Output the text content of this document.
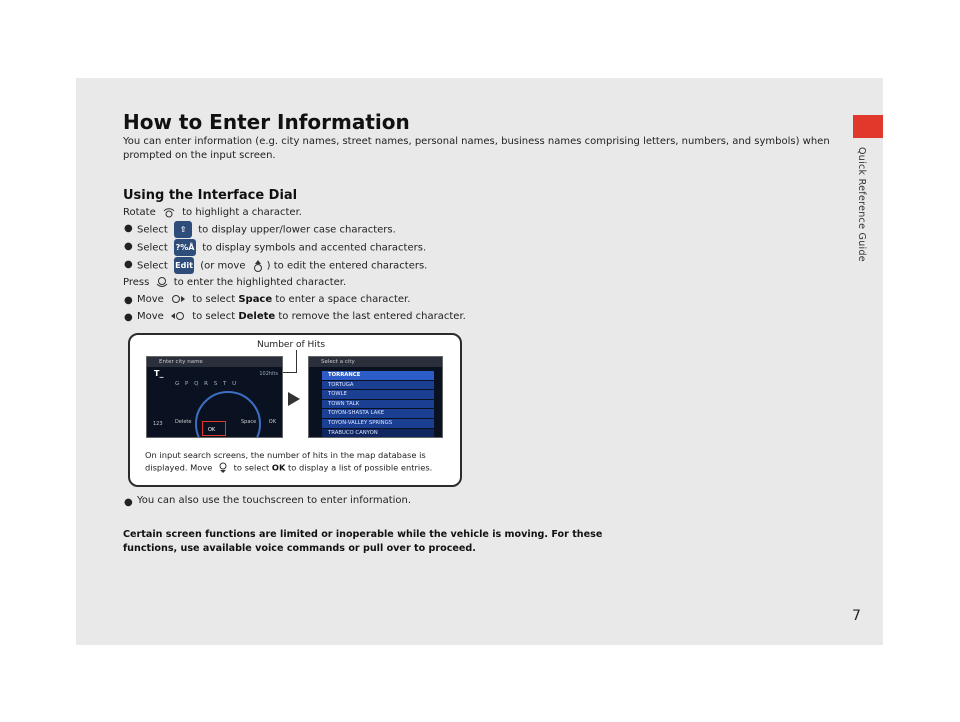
Quick Reference Guide
7
How to Enter Information
You can enter information (e.g. city names, street names, personal names, business names comprising letters, numbers, and symbols) when prompted on the input screen.
Using the Interface Dial
Rotate	to highlight a character.
● Select ⇧ to display upper/lower case characters.
● Select ?%Å to display symbols and accented characters.
● Select Edit (or move ) to edit the entered characters.
Press to enter the highlighted character.
● Move	to select Space to enter a space character.
● Move	to select Delete to remove the last entered character.
Number of Hits
Enter city name
T_	102hits
G P Q R S T U
123 Delete	Space	OK
OK
Select a city
TORRANCE
TORTUGA
TOWLE
TOWN TALK
TOYON-SHASTA LAKE
TOYON-VALLEY SPRINGS
TRABUCO CANYON
On input search screens, the number of hits in the map database is displayed. Move	to select OK to display a list of possible entries.
● You can also use the touchscreen to enter information.
Certain screen functions are limited or inoperable while the vehicle is moving. For these functions, use available voice commands or pull over to proceed.
